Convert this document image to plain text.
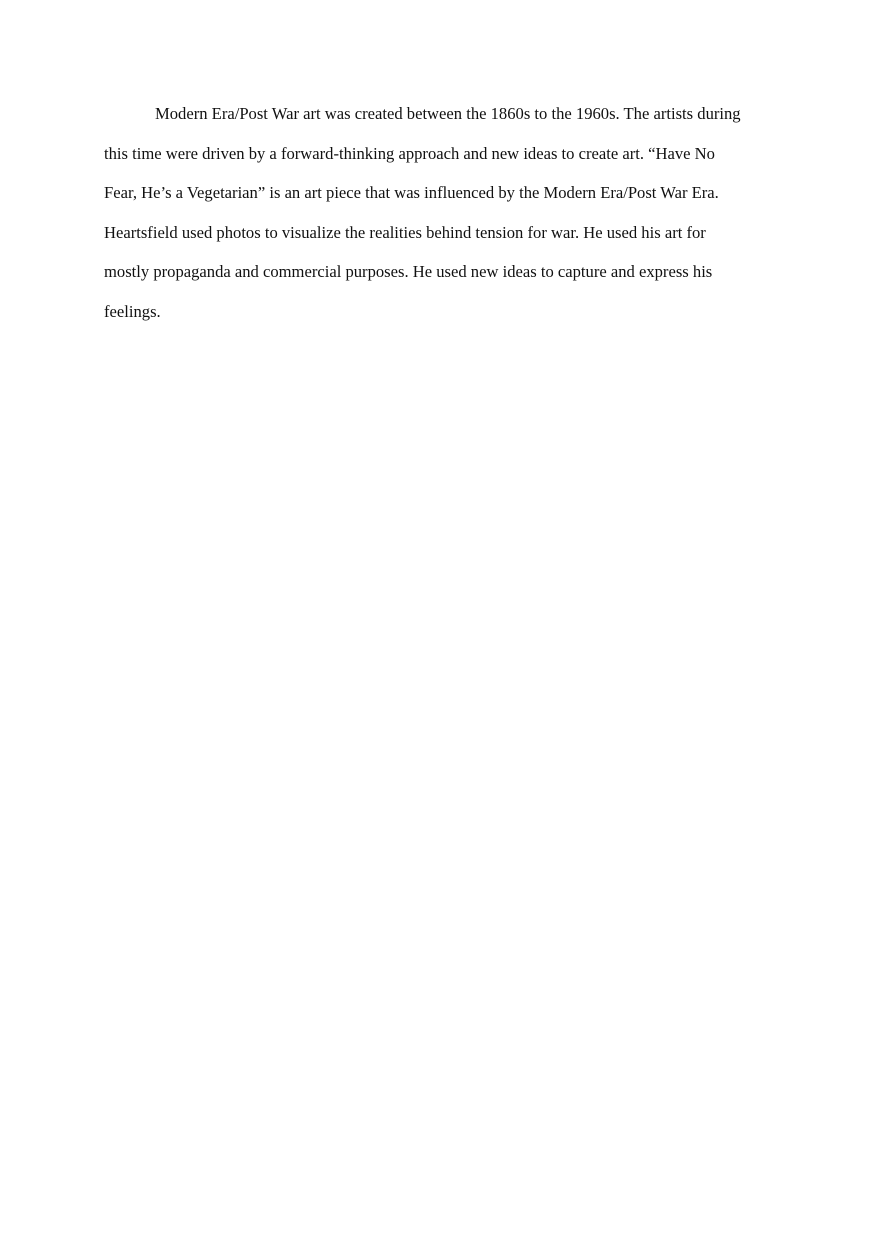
Modern Era/Post War art was created between the 1860s to the 1960s. The artists during
this time were driven by a forward-thinking approach and new ideas to create art. “Have No
Fear, He’s a Vegetarian” is an art piece that was influenced by the Modern Era/Post War Era.
Heartsfield used photos to visualize the realities behind tension for war. He used his art for
mostly propaganda and commercial purposes. He used new ideas to capture and express his
feelings.
